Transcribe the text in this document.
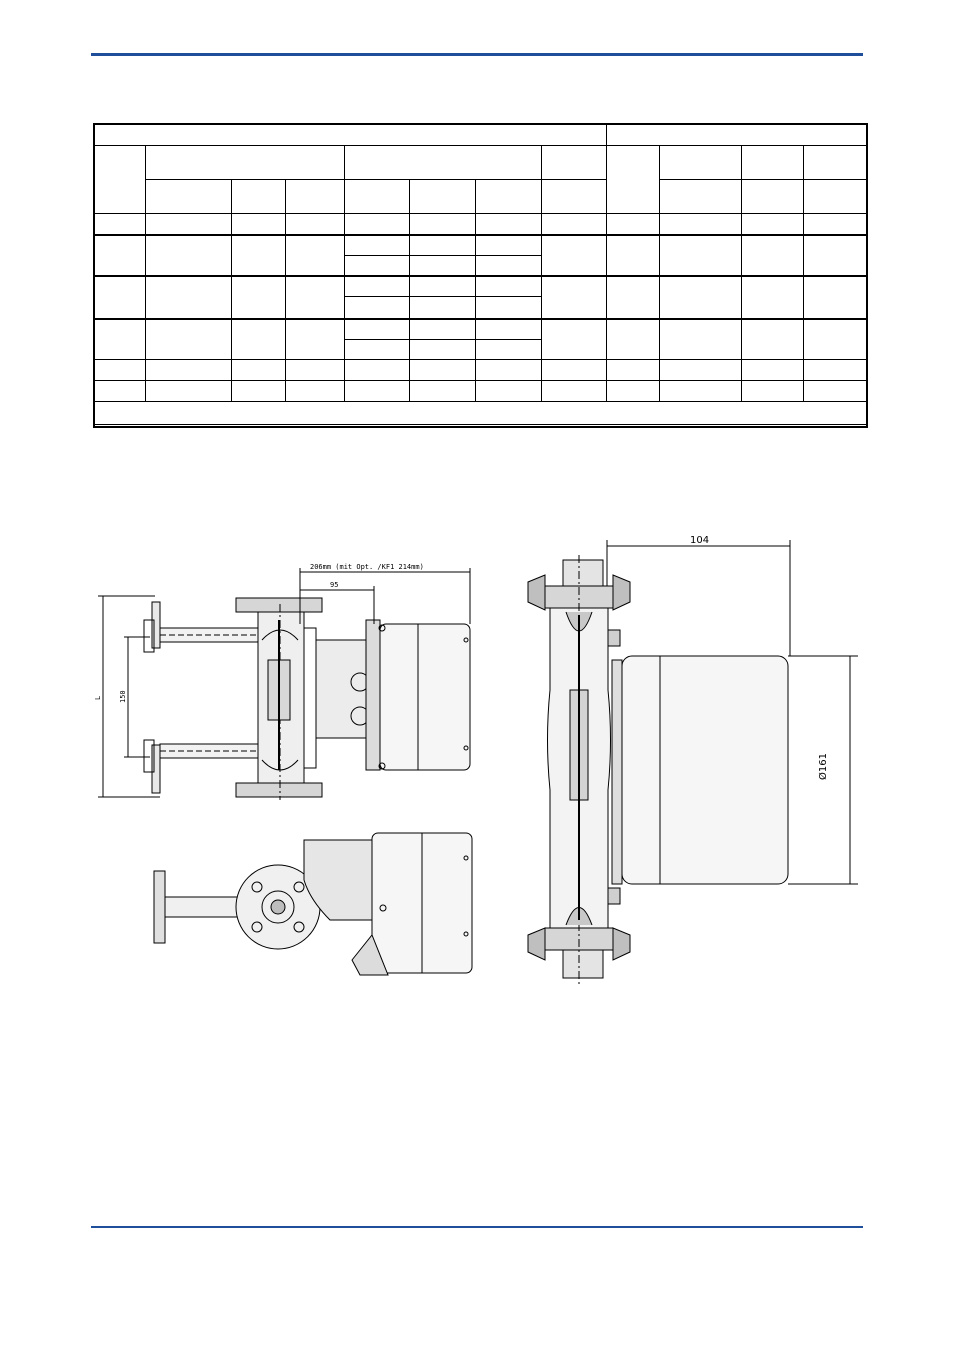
206mm (mit Opt. /KF1 214mm)
95
L 150
104
Ø161
